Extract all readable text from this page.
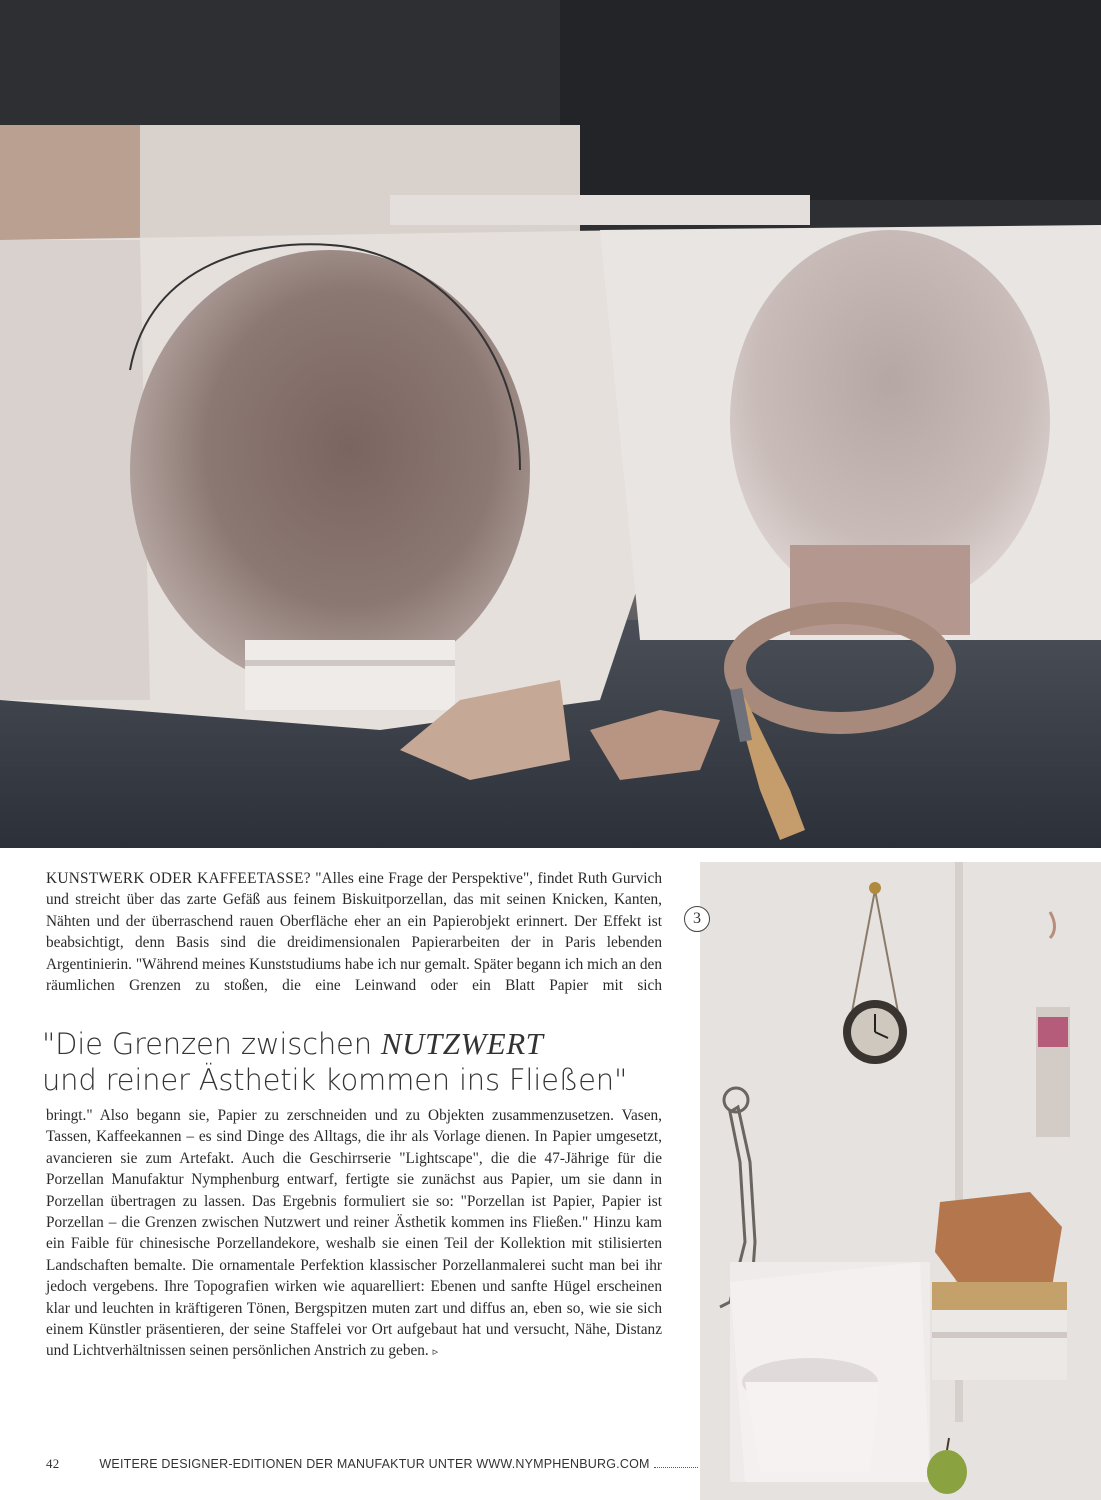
3

KUNSTWERK ODER KAFFEETASSE? "Alles eine Frage der Perspektive", findet Ruth Gurvich und streicht über das zarte Gefäß aus feinem Biskuitporzellan, das mit seinen Knicken, Kanten, Nähten und der überraschend rauen Oberfläche eher an ein Papierobjekt erinnert. Der Effekt ist beabsichtigt, denn Basis sind die dreidimensionalen Papierarbeiten der in Paris lebenden Argentinierin. "Während meines Kunststudiums habe ich nur gemalt. Später begann ich mich an den räumlichen Grenzen zu stoßen, die eine Leinwand oder ein Blatt Papier mit sich

"Die Grenzen zwischen NUTZWERT
und reiner Ästhetik kommen ins Fließen"

bringt." Also begann sie, Papier zu zerschneiden und zu Objekten zusammenzusetzen. Vasen, Tassen, Kaffeekannen – es sind Dinge des Alltags, die ihr als Vorlage dienen. In Papier umgesetzt, avancieren sie zum Artefakt. Auch die Geschirrserie "Lightscape", die die 47-Jährige für die Porzellan Manufaktur Nymphenburg entwarf, fertigte sie zunächst aus Papier, um sie dann in Porzellan übertragen zu lassen. Das Ergebnis formuliert sie so: "Porzellan ist Papier, Papier ist Porzellan – die Grenzen zwischen Nutzwert und reiner Ästhetik kommen ins Fließen." Hinzu kam ein Faible für chinesische Porzellandekore, weshalb sie einen Teil der Kollektion mit stilisierten Landschaften bemalte. Die ornamentale Perfektion klassischer Porzellanmalerei sucht man bei ihr jedoch vergebens. Ihre Topografien wirken wie aquarelliert: Ebenen und sanfte Hügel erscheinen klar und leuchten in kräftigeren Tönen, Bergspitzen muten zart und diffus an, eben so, wie sie sich einem Künstler präsentieren, der seine Staffelei vor Ort aufgebaut hat und versucht, Nähe, Distanz und Lichtverhältnissen seinen persönlichen Anstrich zu geben. ▹

42	WEITERE DESIGNER-EDITIONEN DER MANUFAKTUR UNTER WWW.NYMPHENBURG.COM
